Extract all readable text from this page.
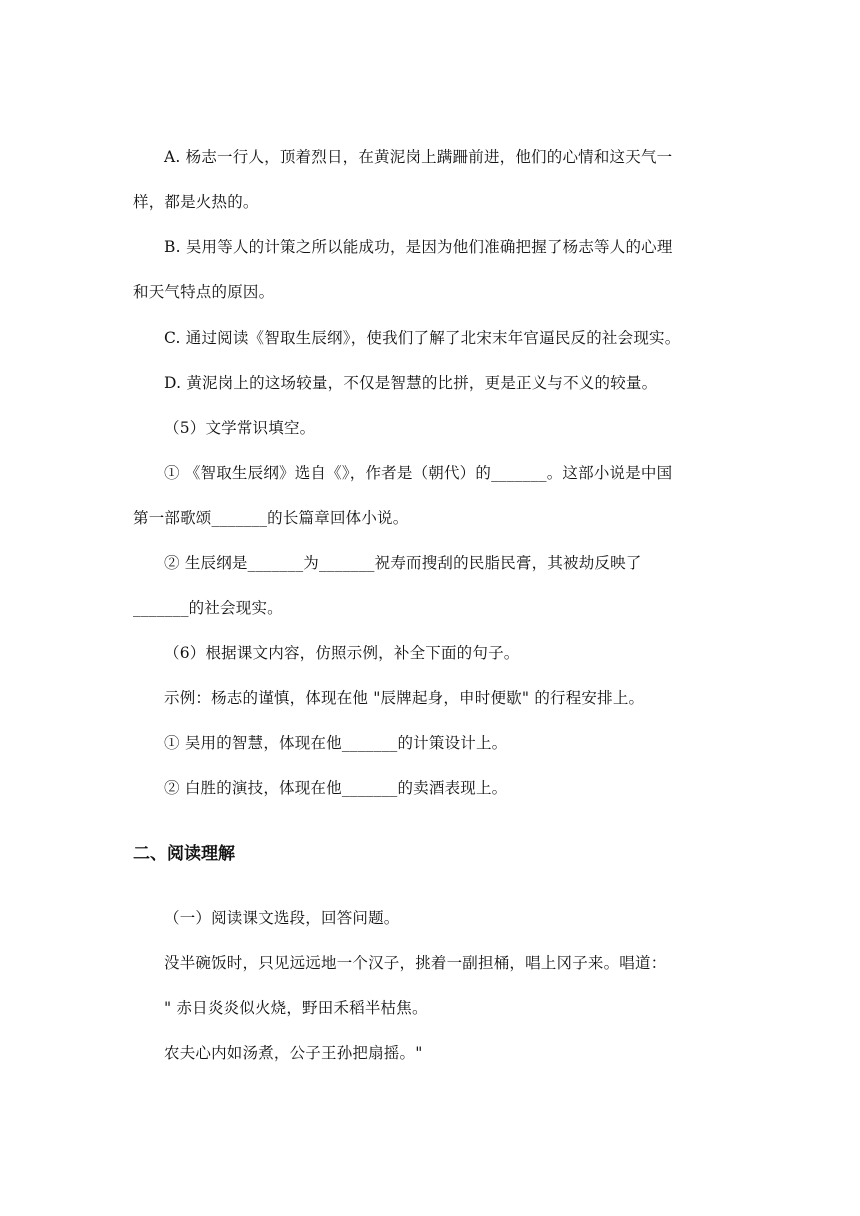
A. 杨志一行人，顶着烈日，在黄泥岗上蹒跚前进，他们的心情和这天气一
样，都是火热的。
B. 吴用等人的计策之所以能成功，是因为他们准确把握了杨志等人的心理
和天气特点的原因。
C. 通过阅读《智取生辰纲》，使我们了解了北宋末年官逼民反的社会现实。
D. 黄泥岗上的这场较量，不仅是智慧的比拼，更是正义与不义的较量。
（5）文学常识填空。
① 《智取生辰纲》选自《》，作者是（朝代）的_______。这部小说是中国
第一部歌颂_______的长篇章回体小说。
② 生辰纲是_______为_______祝寿而搜刮的民脂民膏，其被劫反映了
_______的社会现实。
（6）根据课文内容，仿照示例，补全下面的句子。
示例：杨志的谨慎，体现在他 "辰牌起身，申时便歇" 的行程安排上。
① 吴用的智慧，体现在他_______的计策设计上。
② 白胜的演技，体现在他_______的卖酒表现上。
二、阅读理解
（一）阅读课文选段，回答问题。
没半碗饭时，只见远远地一个汉子，挑着一副担桶，唱上冈子来。唱道：
" 赤日炎炎似火烧，野田禾稻半枯焦。
农夫心内如汤煮，公子王孙把扇摇。"
